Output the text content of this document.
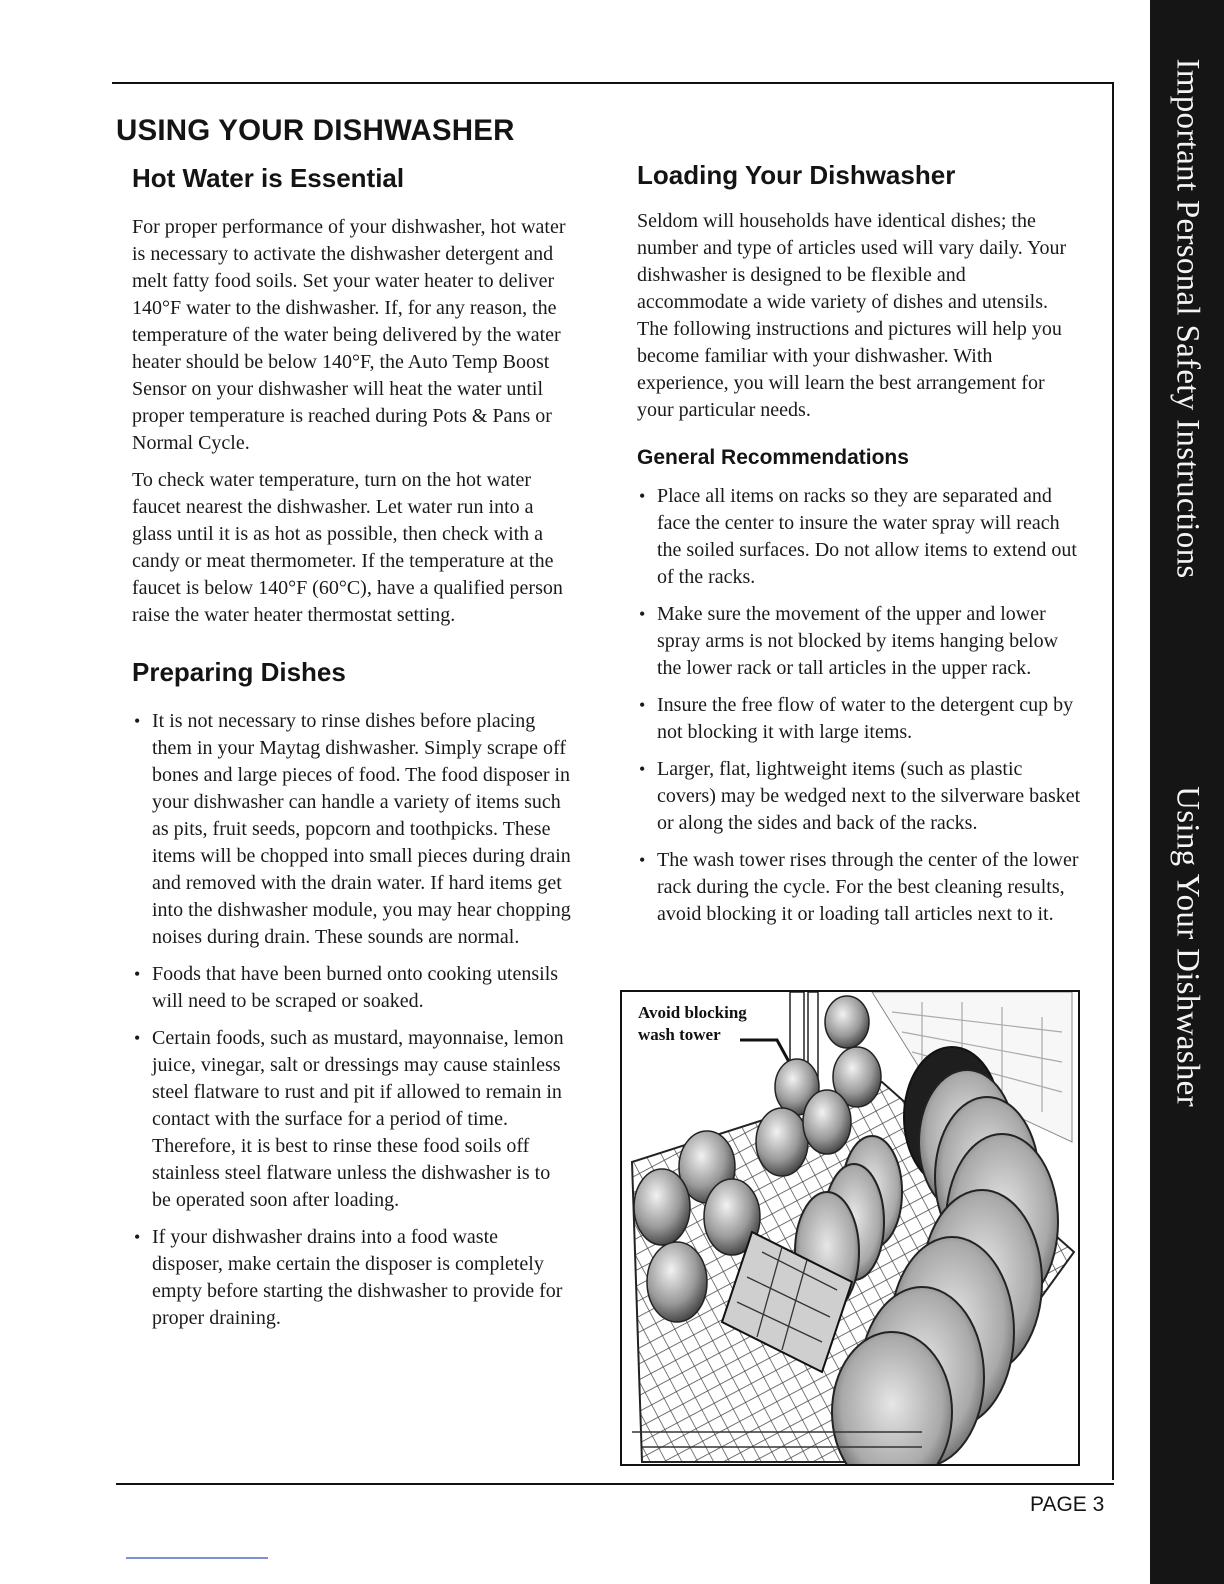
Important Personal Safety Instructions
Using Your Dishwasher
USING YOUR DISHWASHER
Hot Water is Essential

For proper performance of your dishwasher, hot water is necessary to activate the dishwasher detergent and melt fatty food soils. Set your water heater to deliver 140°F water to the dishwasher. If, for any reason, the temperature of the water being delivered by the water heater should be below 140°F, the Auto Temp Boost Sensor on your dishwasher will heat the water until proper temperature is reached during Pots & Pans or Normal Cycle.

To check water temperature, turn on the hot water faucet nearest the dishwasher. Let water run into a glass until it is as hot as possible, then check with a candy or meat thermometer. If the temperature at the faucet is below 140°F (60°C), have a qualified person raise the water heater thermostat setting.

Preparing Dishes
• It is not necessary to rinse dishes before placing them in your Maytag dishwasher. Simply scrape off bones and large pieces of food. The food disposer in your dishwasher can handle a variety of items such as pits, fruit seeds, popcorn and toothpicks. These items will be chopped into small pieces during drain and removed with the drain water. If hard items get into the dishwasher module, you may hear chopping noises during drain. These sounds are normal.
• Foods that have been burned onto cooking utensils will need to be scraped or soaked.
• Certain foods, such as mustard, mayonnaise, lemon juice, vinegar, salt or dressings may cause stainless steel flatware to rust and pit if allowed to remain in contact with the surface for a period of time. Therefore, it is best to rinse these food soils off stainless steel flatware unless the dishwasher is to be operated soon after loading.
• If your dishwasher drains into a food waste disposer, make certain the disposer is completely empty before starting the dishwasher to provide for proper draining.
Loading Your Dishwasher

Seldom will households have identical dishes; the number and type of articles used will vary daily. Your dishwasher is designed to be flexible and accommodate a wide variety of dishes and utensils. The following instructions and pictures will help you become familiar with your dishwasher. With experience, you will learn the best arrangement for your particular needs.

General Recommendations
• Place all items on racks so they are separated and face the center to insure the water spray will reach the soiled surfaces. Do not allow items to extend out of the racks.
• Make sure the movement of the upper and lower spray arms is not blocked by items hanging below the lower rack or tall articles in the upper rack.
• Insure the free flow of water to the detergent cup by not blocking it with large items.
• Larger, flat, lightweight items (such as plastic covers) may be wedged next to the silverware basket or along the sides and back of the racks.
• The wash tower rises through the center of the lower rack during the cycle. For the best cleaning results, avoid blocking it or loading tall articles next to it.
Avoid blocking
wash tower
PAGE 3
